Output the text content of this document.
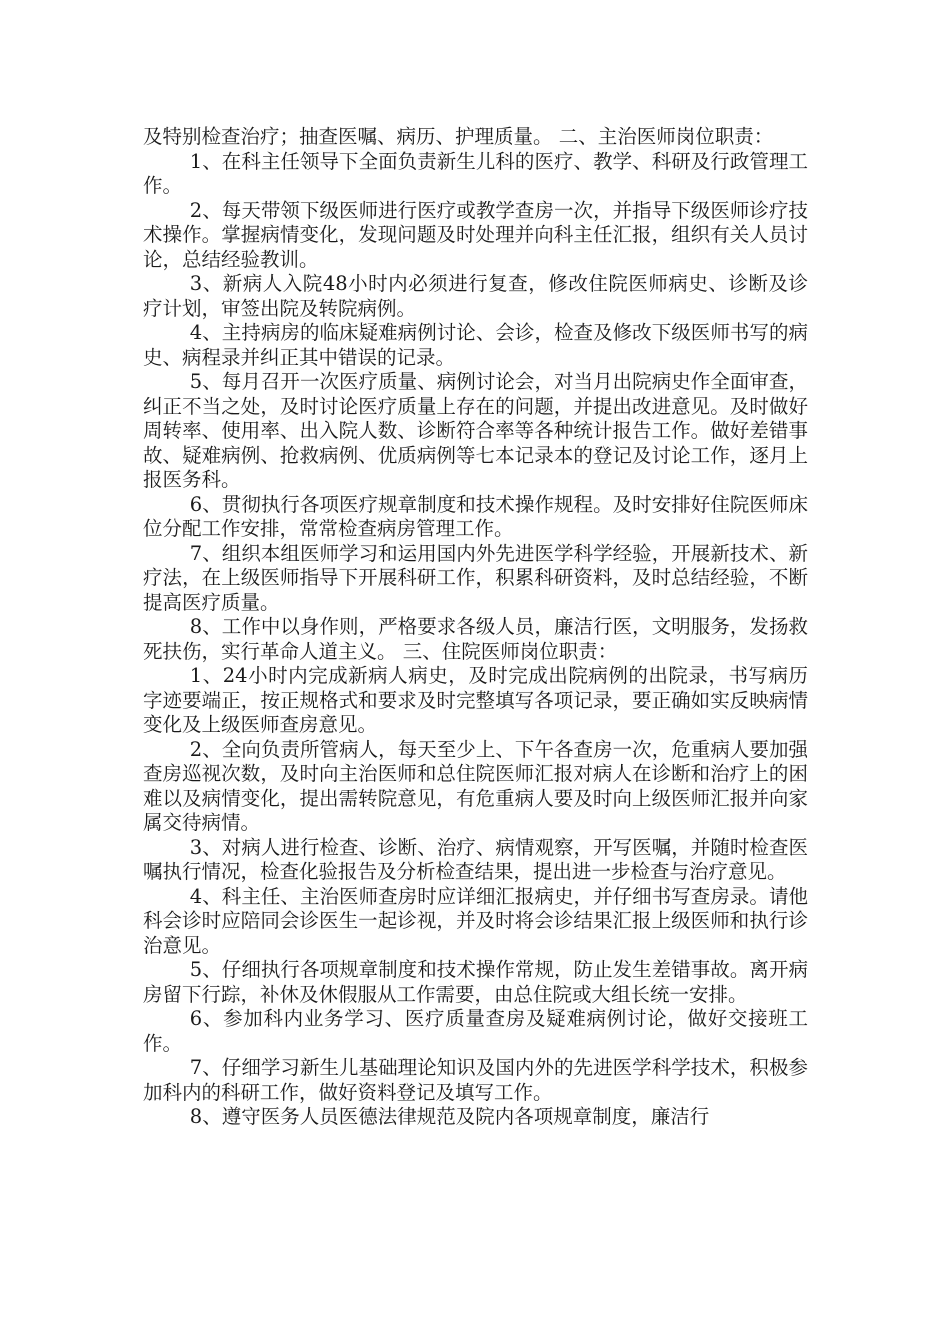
及特别检查治疗；抽查医嘱、病历、护理质量。 二、主治医师岗位职责：

1、在科主任领导下全面负责新生儿科的医疗、教学、科研及行政管理工作。

2、每天带领下级医师进行医疗或教学查房一次，并指导下级医师诊疗技术操作。掌握病情变化，发现问题及时处理并向科主任汇报，组织有关人员讨论，总结经验教训。

3、新病人入院48小时内必须进行复查，修改住院医师病史、诊断及诊疗计划，审签出院及转院病例。

4、主持病房的临床疑难病例讨论、会诊，检查及修改下级医师书写的病史、病程录并纠正其中错误的记录。

5、每月召开一次医疗质量、病例讨论会，对当月出院病史作全面审查，纠正不当之处，及时讨论医疗质量上存在的问题，并提出改进意见。及时做好周转率、使用率、出入院人数、诊断符合率等各种统计报告工作。做好差错事故、疑难病例、抢救病例、优质病例等七本记录本的登记及讨论工作，逐月上报医务科。

6、贯彻执行各项医疗规章制度和技术操作规程。及时安排好住院医师床位分配工作安排，常常检查病房管理工作。

7、组织本组医师学习和运用国内外先进医学科学经验，开展新技术、新疗法，在上级医师指导下开展科研工作，积累科研资料，及时总结经验，不断提高医疗质量。

8、工作中以身作则，严格要求各级人员，廉洁行医，文明服务，发扬救死扶伤，实行革命人道主义。 三、住院医师岗位职责：

1、24小时内完成新病人病史，及时完成出院病例的出院录，书写病历字迹要端正，按正规格式和要求及时完整填写各项记录，要正确如实反映病情变化及上级医师查房意见。

2、全向负责所管病人，每天至少上、下午各查房一次，危重病人要加强查房巡视次数，及时向主治医师和总住院医师汇报对病人在诊断和治疗上的困难以及病情变化，提出需转院意见，有危重病人要及时向上级医师汇报并向家属交待病情。

3、对病人进行检查、诊断、治疗、病情观察，开写医嘱，并随时检查医嘱执行情况，检查化验报告及分析检查结果，提出进一步检查与治疗意见。

4、科主任、主治医师查房时应详细汇报病史，并仔细书写查房录。请他科会诊时应陪同会诊医生一起诊视，并及时将会诊结果汇报上级医师和执行诊治意见。

5、仔细执行各项规章制度和技术操作常规，防止发生差错事故。离开病房留下行踪，补休及休假服从工作需要，由总住院或大组长统一安排。

6、参加科内业务学习、医疗质量查房及疑难病例讨论，做好交接班工作。

7、仔细学习新生儿基础理论知识及国内外的先进医学科学技术，积极参加科内的科研工作，做好资料登记及填写工作。

8、遵守医务人员医德法律规范及院内各项规章制度，廉洁行
